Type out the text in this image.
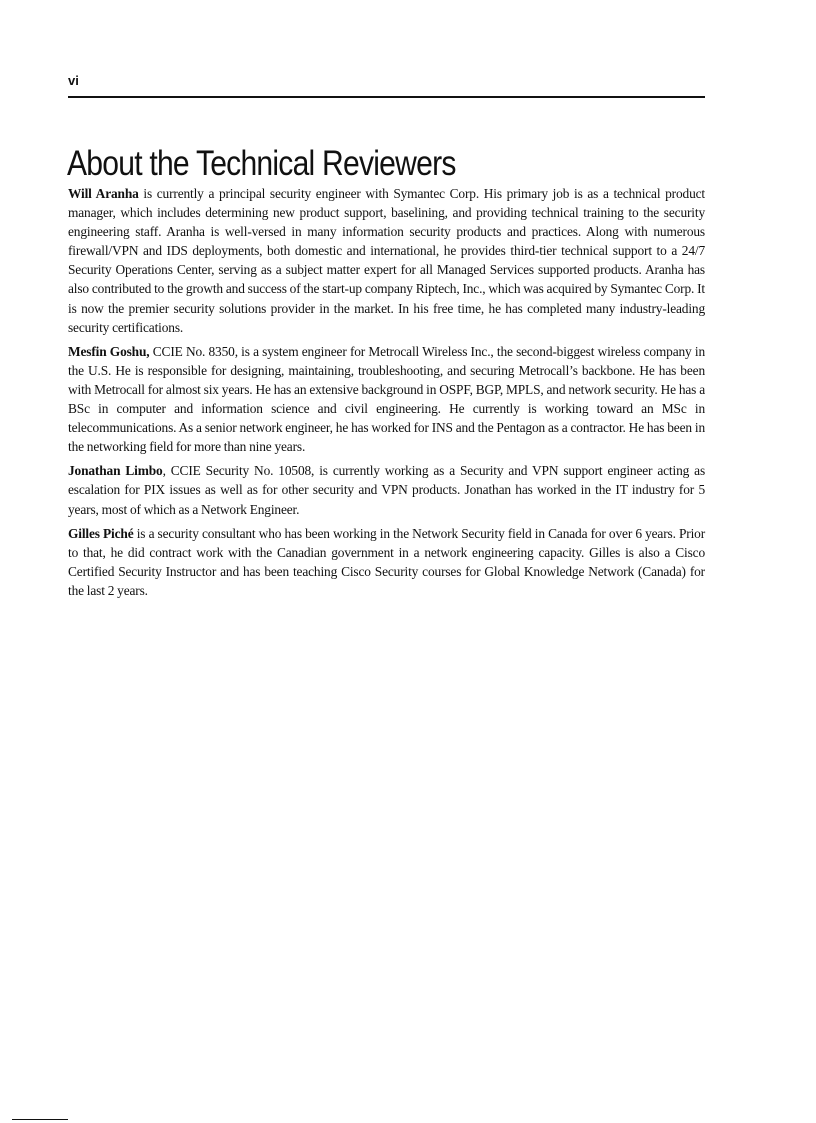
vi

About the Technical Reviewers

Will Aranha is currently a principal security engineer with Symantec Corp. His primary job is as a technical product manager, which includes determining new product support, baselining, and providing technical training to the security engineering staff. Aranha is well-versed in many information security products and practices. Along with numerous firewall/VPN and IDS deployments, both domestic and international, he provides third-tier technical support to a 24/7 Security Operations Center, serving as a subject matter expert for all Managed Services supported products. Aranha has also contributed to the growth and success of the start-up company Riptech, Inc., which was acquired by Symantec Corp. It is now the premier security solutions provider in the market. In his free time, he has completed many industry-leading security certifications.

Mesfin Goshu, CCIE No. 8350, is a system engineer for Metrocall Wireless Inc., the second-biggest wireless company in the U.S. He is responsible for designing, maintaining, troubleshooting, and securing Metrocall’s backbone. He has been with Metrocall for almost six years. He has an extensive background in OSPF, BGP, MPLS, and network security. He has a BSc in computer and information science and civil engineering. He currently is working toward an MSc in telecommunications. As a senior network engineer, he has worked for INS and the Pentagon as a contractor. He has been in the networking field for more than nine years.

Jonathan Limbo, CCIE Security No. 10508, is currently working as a Security and VPN support engineer acting as escalation for PIX issues as well as for other security and VPN products. Jonathan has worked in the IT industry for 5 years, most of which as a Network Engineer.

Gilles Piché is a security consultant who has been working in the Network Security field in Canada for over 6 years. Prior to that, he did contract work with the Canadian government in a network engineering capacity. Gilles is also a Cisco Certified Security Instructor and has been teaching Cisco Security courses for Global Knowledge Network (Canada) for the last 2 years.
